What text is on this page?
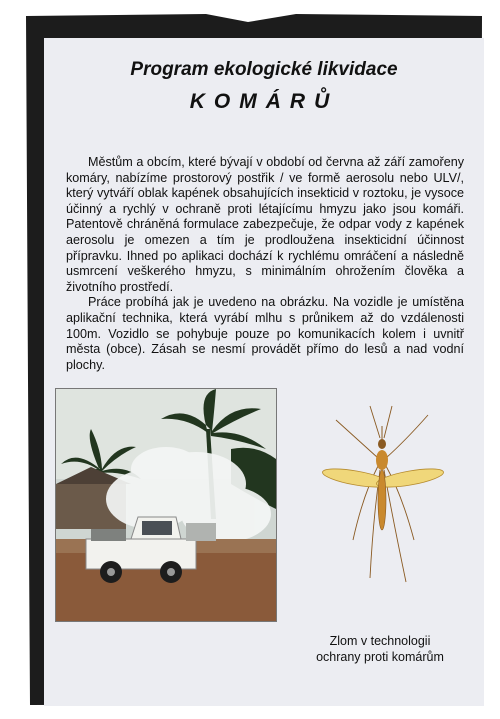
Program ekologické likvidace
KOMÁRŮ

Městům a obcím, které bývají v období od června až září zamořeny komáry, nabízíme prostorový postřik / ve formě aerosolu nebo ULV/, který vytváří oblak kapének obsahujících insekticid v roztoku, je vysoce účinný a rychlý v ochraně proti létajícímu hmyzu jako jsou komáři. Patentově chráněná formulace zabezpečuje, že odpar vody z kapének aerosolu je omezen a tím je prodloužena insekticidní účinnost přípravku. Ihned po aplikaci dochází k rychlému omráčení a následně usmrcení veškerého hmyzu, s minimálním ohrožením člověka a životního prostředí.

Práce probíhá jak je uvedeno na obrázku. Na vozidle je umístěna aplikační technika, která vyrábí mlhu s průnikem až do vzdálenosti 100m. Vozidlo se pohybuje pouze po komunikacích kolem i uvnitř města (obce). Zásah se nesmí provádět přímo do lesů a nad vodní plochy.

Zlom v technologii
ochrany proti komárům
